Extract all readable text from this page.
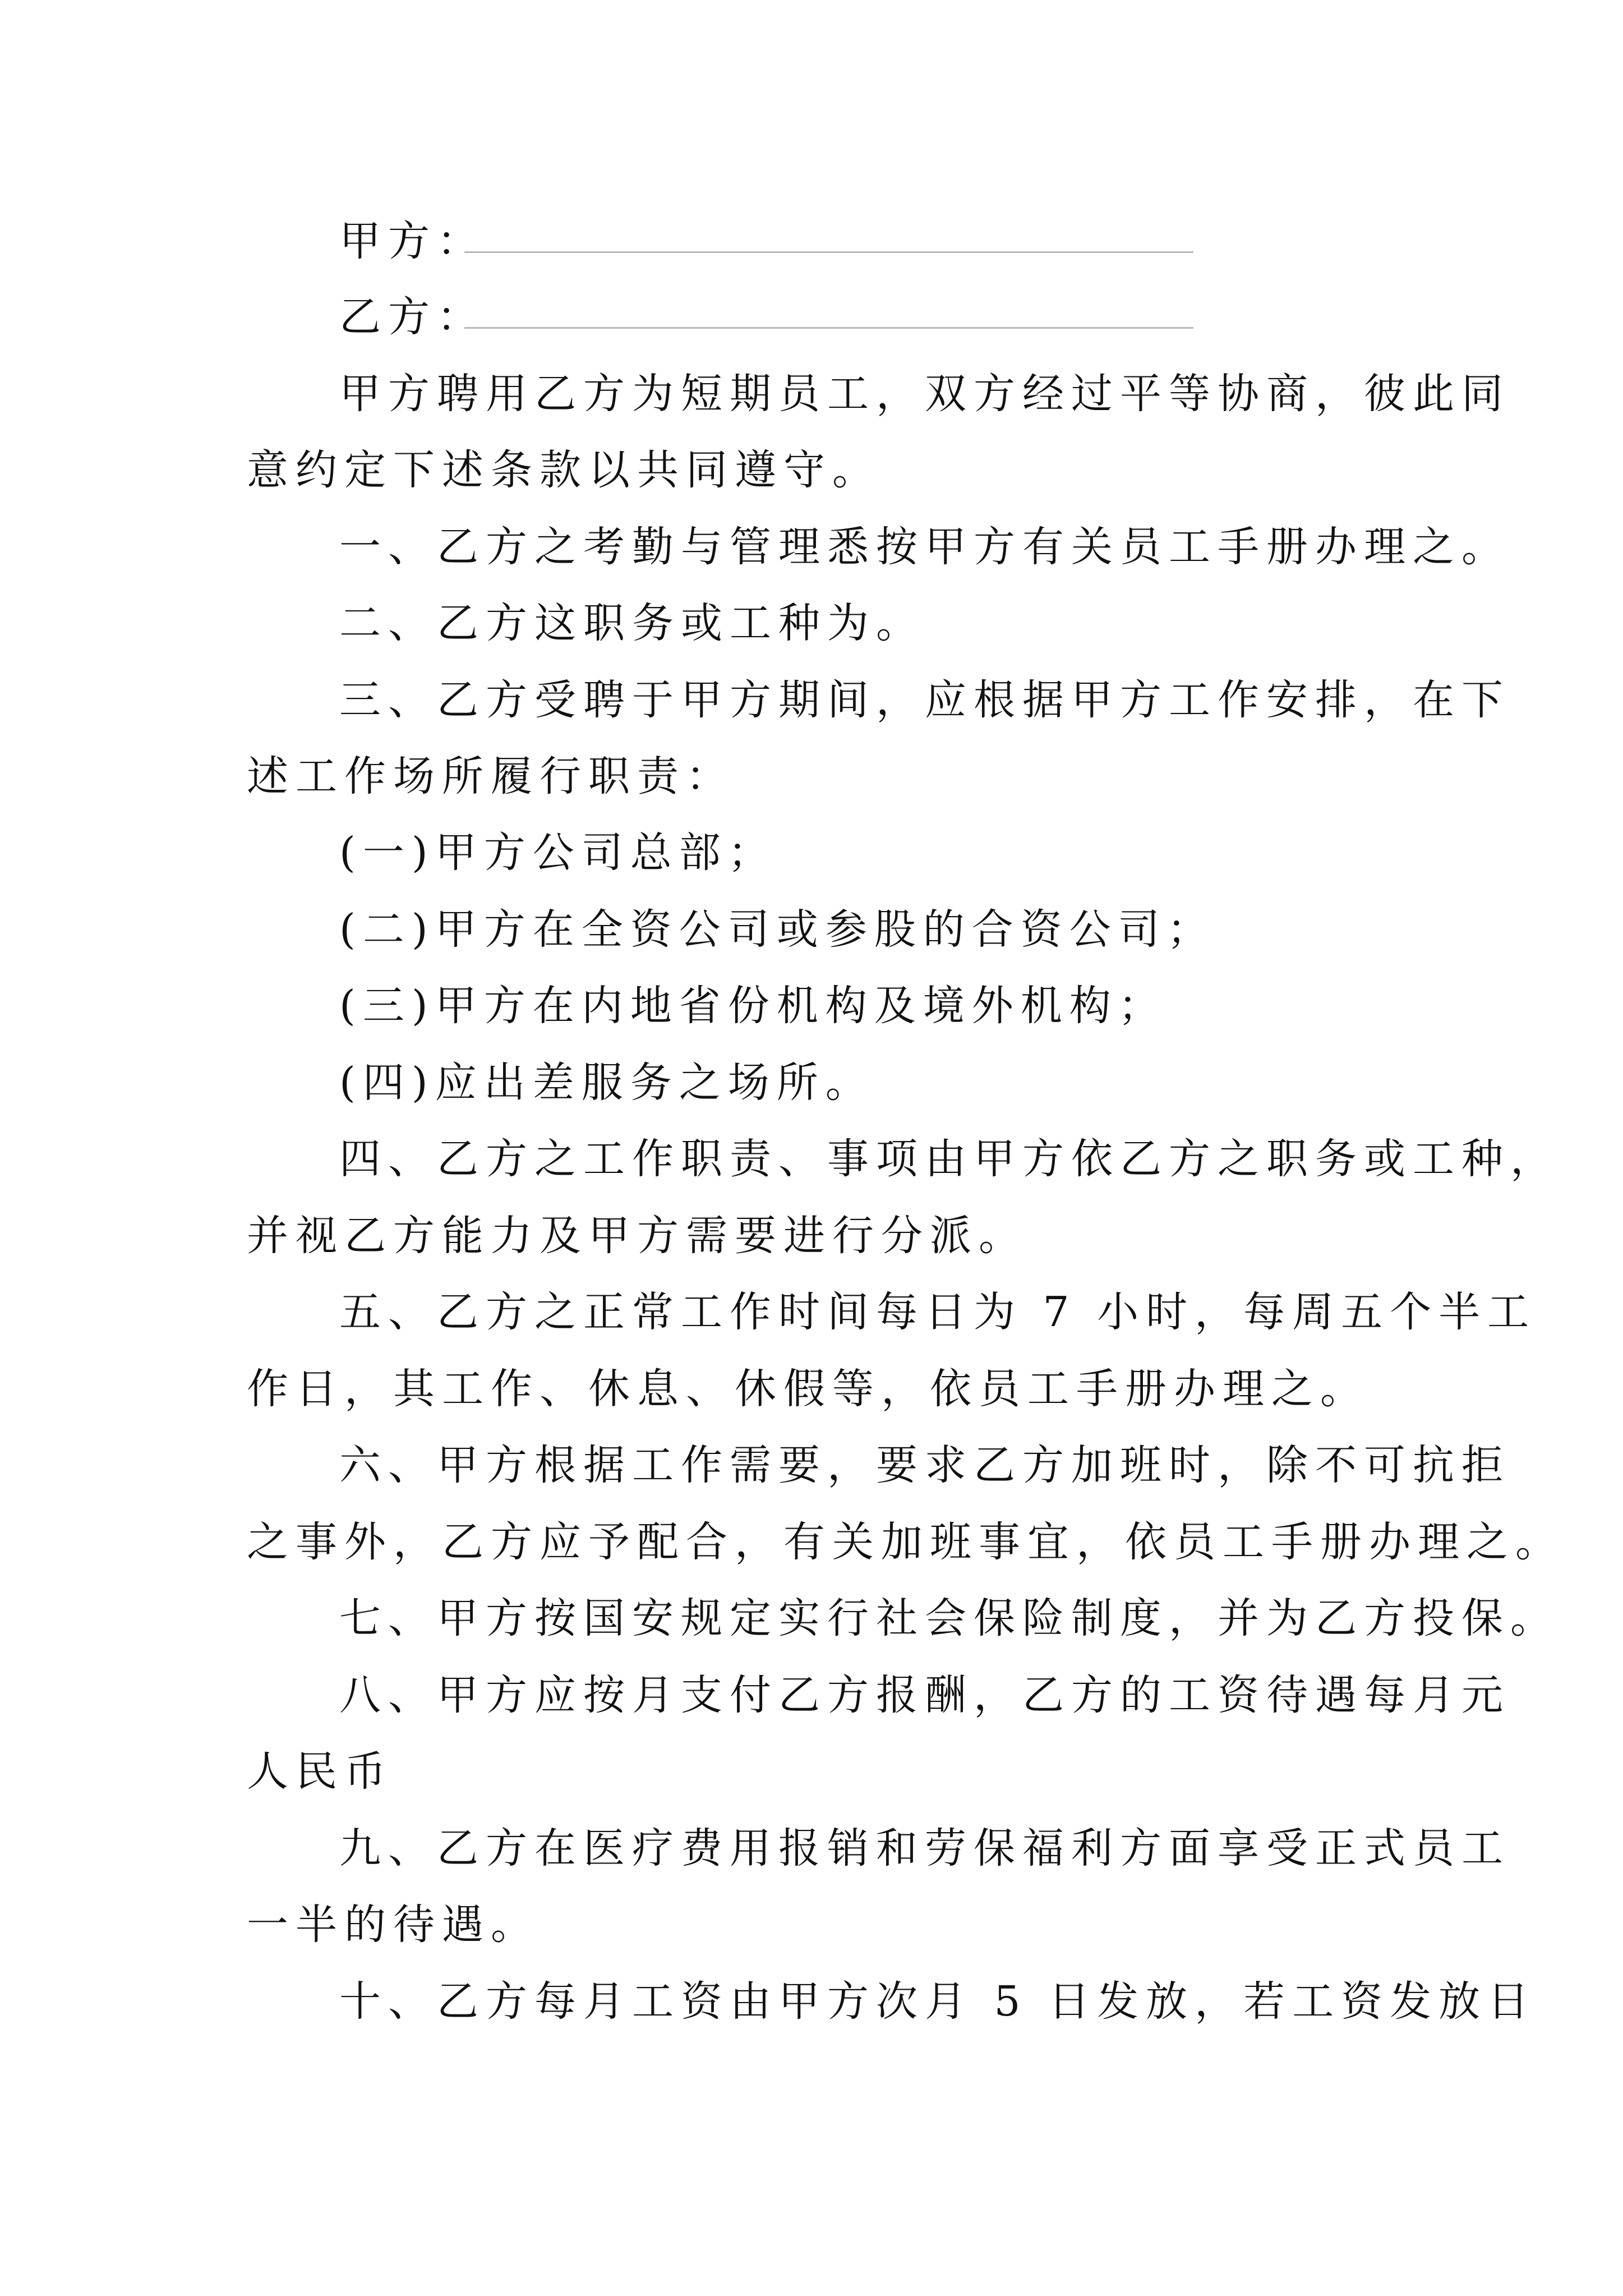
甲方：
乙方：
甲方聘用乙方为短期员工，双方经过平等协商，彼此同
意约定下述条款以共同遵守。
一、乙方之考勤与管理悉按甲方有关员工手册办理之。
二、乙方这职务或工种为。
三、乙方受聘于甲方期间，应根据甲方工作安排，在下
述工作场所履行职责：
(一)甲方公司总部；
(二)甲方在全资公司或参股的合资公司；
(三)甲方在内地省份机构及境外机构；
(四)应出差服务之场所。
四、乙方之工作职责、事项由甲方依乙方之职务或工种，
并视乙方能力及甲方需要进行分派。
五、乙方之正常工作时间每日为 7 小时，每周五个半工
作日，其工作、休息、休假等，依员工手册办理之。
六、甲方根据工作需要，要求乙方加班时，除不可抗拒
之事外，乙方应予配合，有关加班事宜，依员工手册办理之。
七、甲方按国安规定实行社会保险制度，并为乙方投保。
八、甲方应按月支付乙方报酬，乙方的工资待遇每月元
人民币
九、乙方在医疗费用报销和劳保福利方面享受正式员工
一半的待遇。
十、乙方每月工资由甲方次月 5 日发放，若工资发放日
